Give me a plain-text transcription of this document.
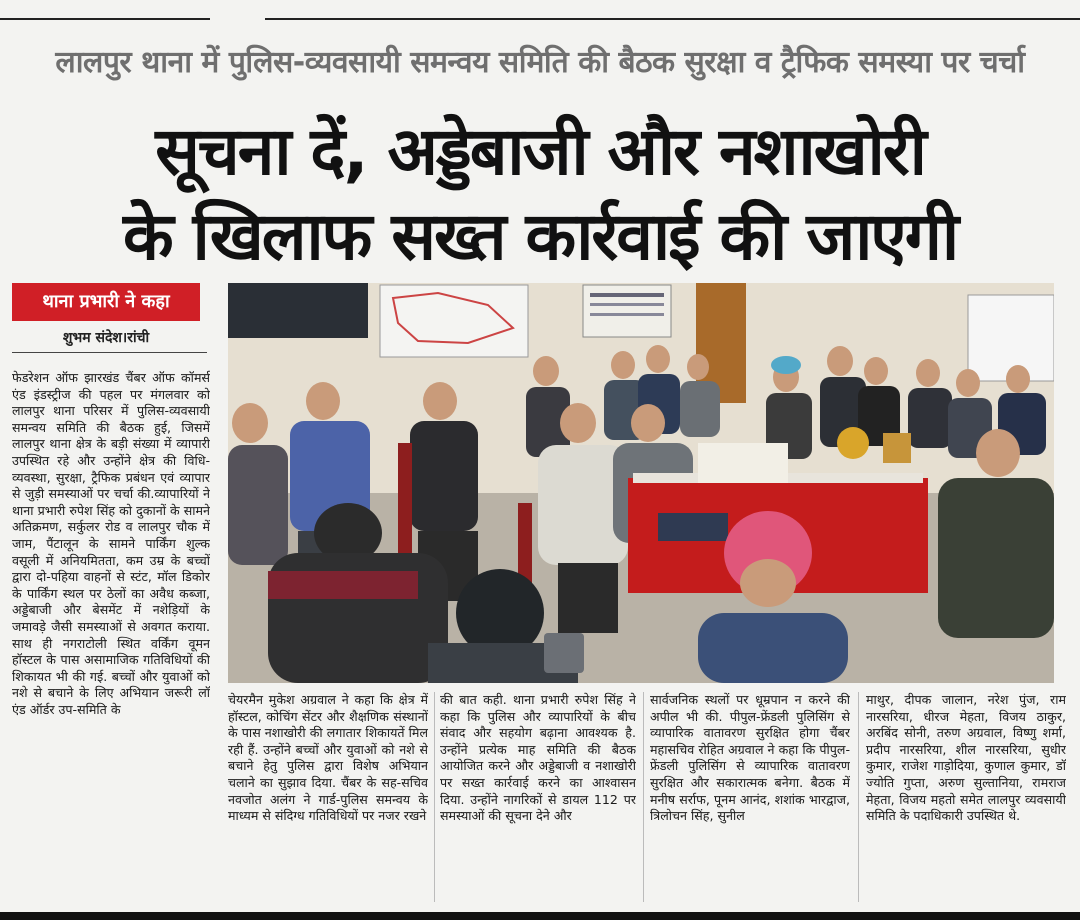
लालपुर थाना में पुलिस-व्यवसायी समन्वय समिति की बैठक सुरक्षा व ट्रैफिक समस्या पर चर्चा
सूचना दें, अड्डेबाजी और नशाखोरी
के खिलाफ सख्त कार्रवाई की जाएगी
थाना प्रभारी ने कहा
शुभम संदेश।रांची

फेडरेशन ऑफ झारखंड चैंबर ऑफ कॉमर्स एंड इंडस्ट्रीज की पहल पर मंगलवार को लालपुर थाना परिसर में पुलिस-व्यवसायी समन्वय समिति की बैठक हुई, जिसमें लालपुर थाना क्षेत्र के बड़ी संख्या में व्यापारी उपस्थित रहे और उन्होंने क्षेत्र की विधि-व्यवस्था, सुरक्षा, ट्रैफिक प्रबंधन एवं व्यापार से जुड़ी समस्याओं पर चर्चा की.व्यापारियों ने थाना प्रभारी रुपेश सिंह को दुकानों के सामने अतिक्रमण, सर्कुलर रोड व लालपुर चौक में जाम, पैंटालून के सामने पार्किंग शुल्क वसूली में अनियमितता, कम उम्र के बच्चों द्वारा दो-पहिया वाहनों से स्टंट, मॉल डिकोर के पार्किंग स्थल पर ठेलों का अवैध कब्जा, अड्डेबाजी और बेसमेंट में नशेड़ियों के जमावड़े जैसी समस्याओं से अवगत कराया. साथ ही नगराटोली स्थित वर्किंग वूमन हॉस्टल के पास असामाजिक गतिविधियों की शिकायत भी की गई. बच्चों और युवाओं को नशे से बचाने के लिए अभियान जरूरी लॉ एंड ऑर्डर उप-समिति के

चेयरमैन मुकेश अग्रवाल ने कहा कि क्षेत्र में हॉस्टल, कोचिंग सेंटर और शैक्षणिक संस्थानों के पास नशाखोरी की लगातार शिकायतें मिल रही हैं. उन्होंने बच्चों और युवाओं को नशे से बचाने हेतु पुलिस द्वारा विशेष अभियान चलाने का सुझाव दिया. चैंबर के सह-सचिव नवजोत अलंग ने गार्ड-पुलिस समन्वय के माध्यम से संदिग्ध गतिविधियों पर नजर रखने

की बात कही. थाना प्रभारी रुपेश सिंह ने कहा कि पुलिस और व्यापारियों के बीच संवाद और सहयोग बढ़ाना आवश्यक है. उन्होंने प्रत्येक माह समिति की बैठक आयोजित करने और अड्डेबाजी व नशाखोरी पर सख्त कार्रवाई करने का आश्वासन दिया. उन्होंने नागरिकों से डायल 112 पर समस्याओं की सूचना देने और

सार्वजनिक स्थलों पर धूम्रपान न करने की अपील भी की. पीपुल-फ्रेंडली पुलिसिंग से व्यापारिक वातावरण सुरक्षित होगा चैंबर महासचिव रोहित अग्रवाल ने कहा कि पीपुल-फ्रेंडली पुलिसिंग से व्यापारिक वातावरण सुरक्षित और सकारात्मक बनेगा. बैठक में मनीष सर्राफ, पूनम आनंद, शशांक भारद्वाज, त्रिलोचन सिंह, सुनील

माथुर, दीपक जालान, नरेश पुंज, राम नारसरिया, धीरज मेहता, विजय ठाकुर, अरबिंद सोनी, तरुण अग्रवाल, विष्णु शर्मा, प्रदीप नारसरिया, शील नारसरिया, सुधीर कुमार, राजेश गाड़ोदिया, कुणाल कुमार, डॉ ज्योति गुप्ता, अरुण सुल्तानिया, रामराज मेहता, विजय महतो समेत लालपुर व्यवसायी समिति के पदाधिकारी उपस्थित थे.
